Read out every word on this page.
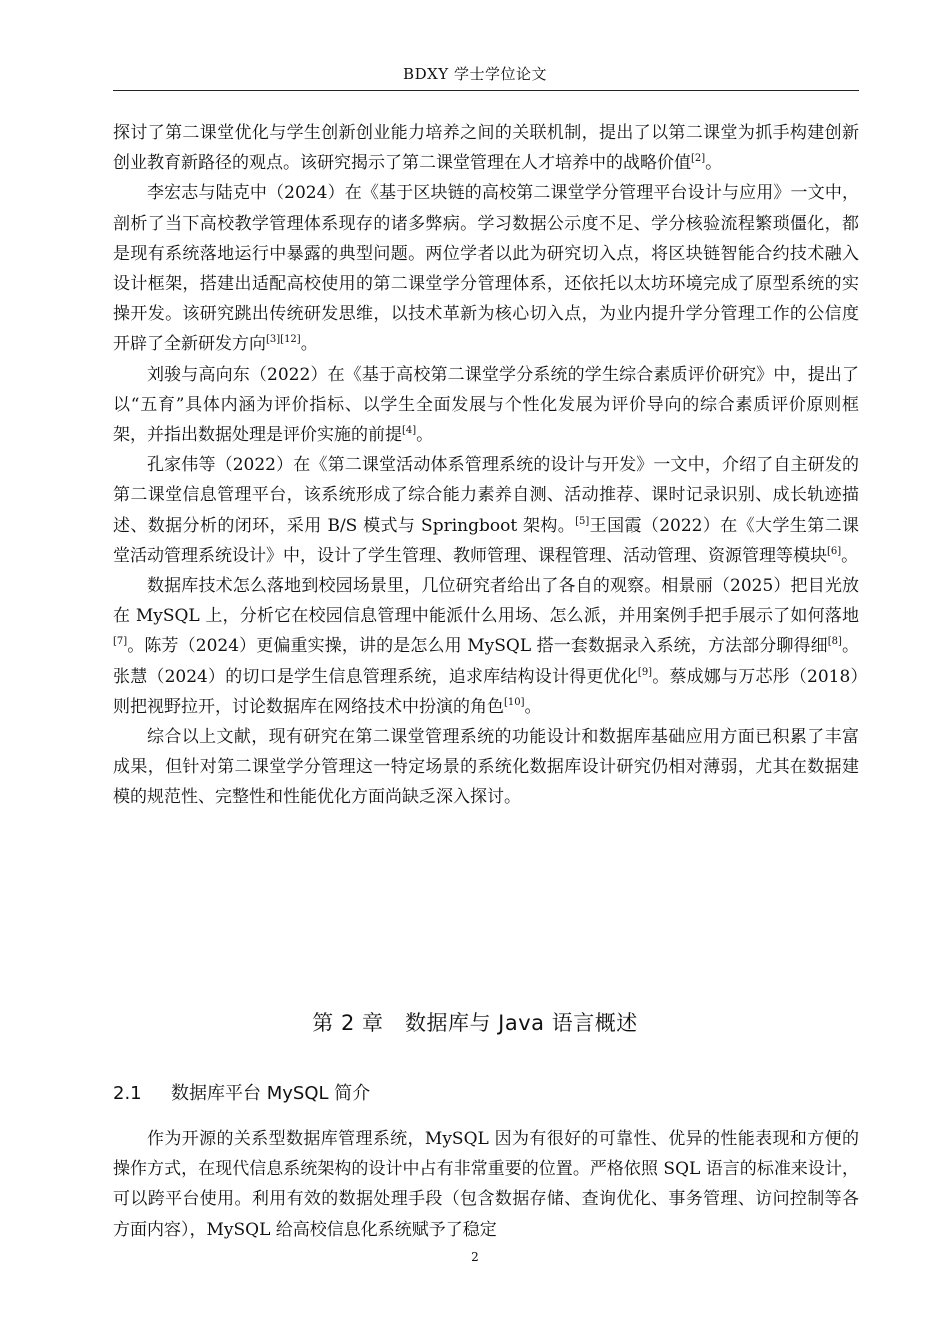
BDXY 学士学位论文

探讨了第二课堂优化与学生创新创业能力培养之间的关联机制，提出了以第二课堂为抓手构建创新创业教育新路径的观点。该研究揭示了第二课堂管理在人才培养中的战略价值[2]。

李宏志与陆克中（2024）在《基于区块链的高校第二课堂学分管理平台设计与应用》一文中，剖析了当下高校教学管理体系现存的诸多弊病。学习数据公示度不足、学分核验流程繁琐僵化，都是现有系统落地运行中暴露的典型问题。两位学者以此为研究切入点，将区块链智能合约技术融入设计框架，搭建出适配高校使用的第二课堂学分管理体系，还依托以太坊环境完成了原型系统的实操开发。该研究跳出传统研发思维，以技术革新为核心切入点，为业内提升学分管理工作的公信度开辟了全新研发方向[3][12]。

刘骏与高向东（2022）在《基于高校第二课堂学分系统的学生综合素质评价研究》中，提出了以“五育”具体内涵为评价指标、以学生全面发展与个性化发展为评价导向的综合素质评价原则框架，并指出数据处理是评价实施的前提[4]。

孔家伟等（2022）在《第二课堂活动体系管理系统的设计与开发》一文中，介绍了自主研发的第二课堂信息管理平台，该系统形成了综合能力素养自测、活动推荐、课时记录识别、成长轨迹描述、数据分析的闭环，采用 B/S 模式与 Springboot 架构。[5]王国霞（2022）在《大学生第二课堂活动管理系统设计》中，设计了学生管理、教师管理、课程管理、活动管理、资源管理等模块[6]。

数据库技术怎么落地到校园场景里，几位研究者给出了各自的观察。相景丽（2025）把目光放在 MySQL 上，分析它在校园信息管理中能派什么用场、怎么派，并用案例手把手展示了如何落地[7]。陈芳（2024）更偏重实操，讲的是怎么用 MySQL 搭一套数据录入系统，方法部分聊得细[8]。张慧（2024）的切口是学生信息管理系统，追求库结构设计得更优化[9]。蔡成娜与万芯彤（2018）则把视野拉开，讨论数据库在网络技术中扮演的角色[10]。

综合以上文献，现有研究在第二课堂管理系统的功能设计和数据库基础应用方面已积累了丰富成果，但针对第二课堂学分管理这一特定场景的系统化数据库设计研究仍相对薄弱，尤其在数据建模的规范性、完整性和性能优化方面尚缺乏深入探讨。

第 2 章　数据库与 Java 语言概述
2.1 数据库平台 MySQL 简介

作为开源的关系型数据库管理系统，MySQL 因为有很好的可靠性、优异的性能表现和方便的操作方式，在现代信息系统架构的设计中占有非常重要的位置。严格依照 SQL 语言的标准来设计，可以跨平台使用。利用有效的数据处理手段（包含数据存储、查询优化、事务管理、访问控制等各方面内容），MySQL 给高校信息化系统赋予了稳定

2
